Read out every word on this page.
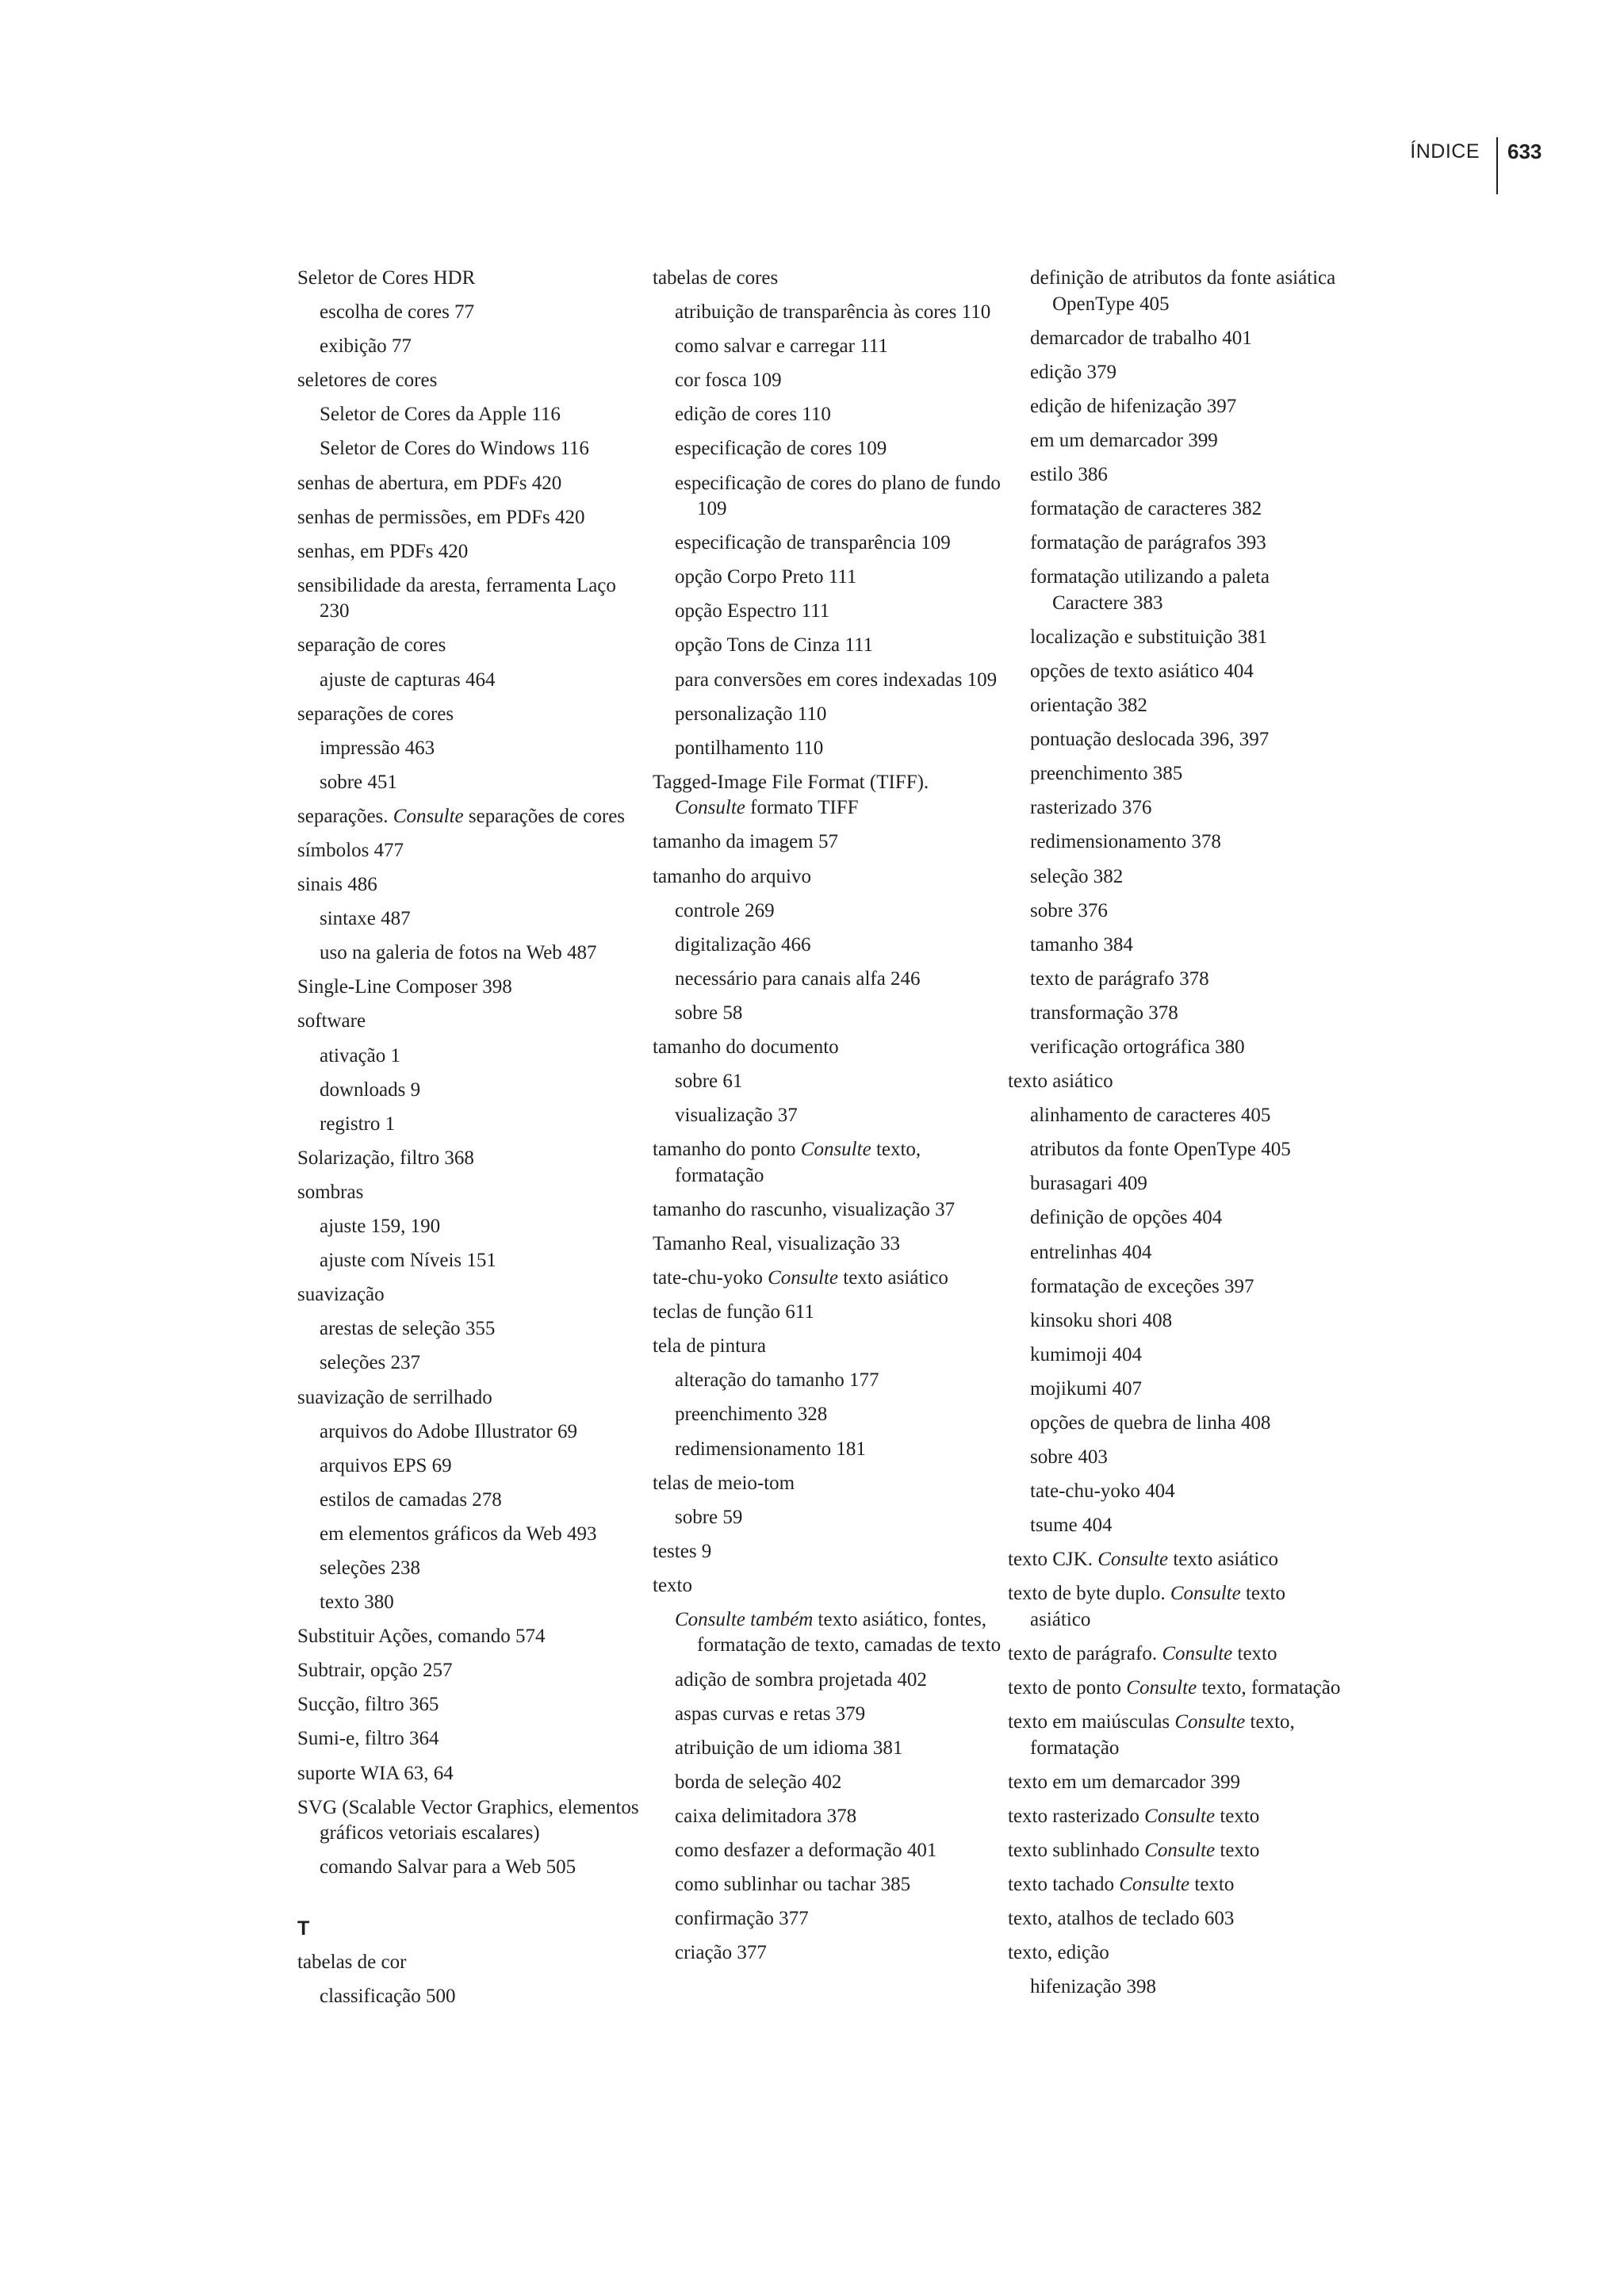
ÍNDICE 633
Seletor de Cores HDR
escolha de cores 77
exibição 77
seletores de cores
Seletor de Cores da Apple 116
Seletor de Cores do Windows 116
senhas de abertura, em PDFs 420
senhas de permissões, em PDFs 420
senhas, em PDFs 420
sensibilidade da aresta, ferramenta Laço 230
separação de cores
ajuste de capturas 464
separações de cores
impressão 463
sobre 451
separações. Consulte separações de cores
símbolos 477
sinais 486
sintaxe 487
uso na galeria de fotos na Web 487
Single-Line Composer 398
software
ativação 1
downloads 9
registro 1
Solarização, filtro 368
sombras
ajuste 159, 190
ajuste com Níveis 151
suavização
arestas de seleção 355
seleções 237
suavização de serrilhado
arquivos do Adobe Illustrator 69
arquivos EPS 69
estilos de camadas 278
em elementos gráficos da Web 493
seleções 238
texto 380
Substituir Ações, comando 574
Subtrair, opção 257
Sucção, filtro 365
Sumi-e, filtro 364
suporte WIA 63, 64
SVG (Scalable Vector Graphics, elementos gráficos vetoriais escalares)
comando Salvar para a Web 505
T
tabelas de cor
classificação 500
tabelas de cores
atribuição de transparência às cores 110
como salvar e carregar 111
cor fosca 109
edição de cores 110
especificação de cores 109
especificação de cores do plano de fundo 109
especificação de transparência 109
opção Corpo Preto 111
opção Espectro 111
opção Tons de Cinza 111
para conversões em cores indexadas 109
personalização 110
pontilhamento 110
Tagged-Image File Format (TIFF). Consulte formato TIFF
tamanho da imagem 57
tamanho do arquivo
controle 269
digitalização 466
necessário para canais alfa 246
sobre 58
tamanho do documento
sobre 61
visualização 37
tamanho do ponto Consulte texto, formatação
tamanho do rascunho, visualização 37
Tamanho Real, visualização 33
tate-chu-yoko Consulte texto asiático
teclas de função 611
tela de pintura
alteração do tamanho 177
preenchimento 328
redimensionamento 181
telas de meio-tom
sobre 59
testes 9
texto
Consulte também texto asiático, fontes, formatação de texto, camadas de texto
adição de sombra projetada 402
aspas curvas e retas 379
atribuição de um idioma 381
borda de seleção 402
caixa delimitadora 378
como desfazer a deformação 401
como sublinhar ou tachar 385
confirmação 377
criação 377
definição de atributos da fonte asiática OpenType 405
demarcador de trabalho 401
edição 379
edição de hifenização 397
em um demarcador 399
estilo 386
formatação de caracteres 382
formatação de parágrafos 393
formatação utilizando a paleta Caractere 383
localização e substituição 381
opções de texto asiático 404
orientação 382
pontuação deslocada 396, 397
preenchimento 385
rasterizado 376
redimensionamento 378
seleção 382
sobre 376
tamanho 384
texto de parágrafo 378
transformação 378
verificação ortográfica 380
texto asiático
alinhamento de caracteres 405
atributos da fonte OpenType 405
burasagari 409
definição de opções 404
entrelinhas 404
formatação de exceções 397
kinsoku shori 408
kumimoji 404
mojikumi 407
opções de quebra de linha 408
sobre 403
tate-chu-yoko 404
tsume 404
texto CJK. Consulte texto asiático
texto de byte duplo. Consulte texto asiático
texto de parágrafo. Consulte texto
texto de ponto Consulte texto, formatação
texto em maiúsculas Consulte texto, formatação
texto em um demarcador 399
texto rasterizado Consulte texto
texto sublinhado Consulte texto
texto tachado Consulte texto
texto, atalhos de teclado 603
texto, edição
hifenização 398
